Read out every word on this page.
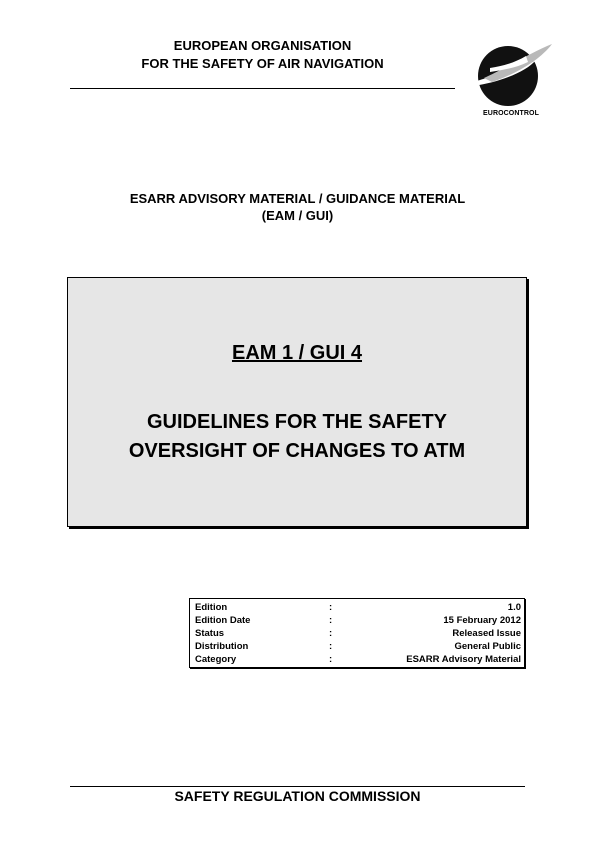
EUROPEAN ORGANISATION
FOR THE SAFETY OF AIR NAVIGATION
EUROCONTROL
ESARR ADVISORY MATERIAL / GUIDANCE MATERIAL
(EAM / GUI)
EAM 1 / GUI 4
GUIDELINES FOR THE SAFETY
OVERSIGHT OF CHANGES TO ATM
Edition	:	1.0
Edition Date	:	15 February 2012
Status	:	Released Issue
Distribution	:	General Public
Category	:	ESARR Advisory Material
SAFETY REGULATION COMMISSION
